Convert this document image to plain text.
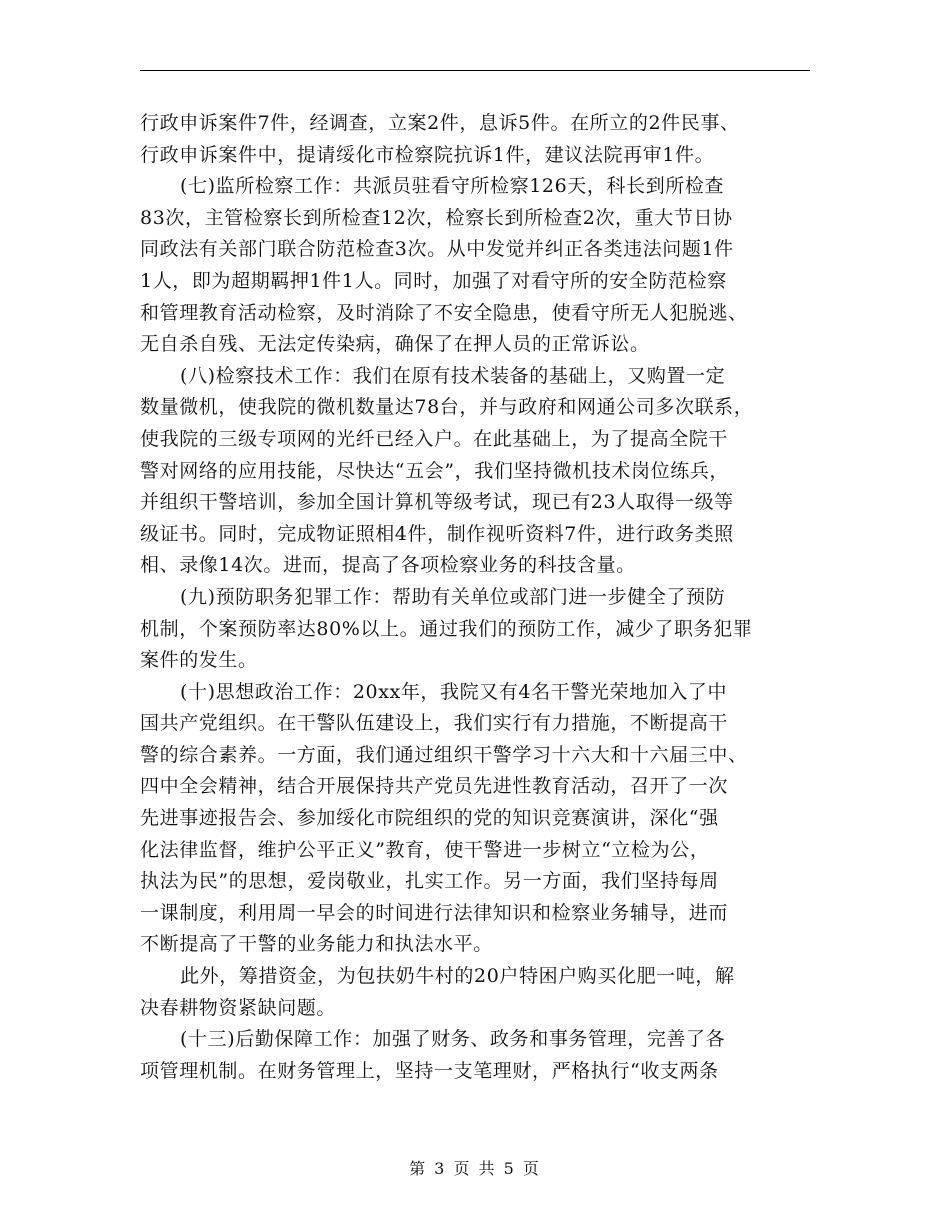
行政申诉案件7件，经调查，立案2件，息诉5件。在所立的2件民事、
行政申诉案件中，提请绥化市检察院抗诉1件，建议法院再审1件。
(七)监所检察工作：共派员驻看守所检察126天，科长到所检查
83次，主管检察长到所检查12次，检察长到所检查2次，重大节日协
同政法有关部门联合防范检查3次。从中发觉并纠正各类违法问题1件
1人，即为超期羁押1件1人。同时，加强了对看守所的安全防范检察
和管理教育活动检察，及时消除了不安全隐患，使看守所无人犯脱逃、
无自杀自残、无法定传染病，确保了在押人员的正常诉讼。
(八)检察技术工作：我们在原有技术装备的基础上，又购置一定
数量微机，使我院的微机数量达78台，并与政府和网通公司多次联系，
使我院的三级专项网的光纤已经入户。在此基础上，为了提高全院干
警对网络的应用技能，尽快达“五会”，我们坚持微机技术岗位练兵，
并组织干警培训，参加全国计算机等级考试，现已有23人取得一级等
级证书。同时，完成物证照相4件，制作视听资料7件，进行政务类照
相、录像14次。进而，提高了各项检察业务的科技含量。
(九)预防职务犯罪工作：帮助有关单位或部门进一步健全了预防
机制，个案预防率达80%以上。通过我们的预防工作，减少了职务犯罪
案件的发生。
(十)思想政治工作：20xx年，我院又有4名干警光荣地加入了中
国共产党组织。在干警队伍建设上，我们实行有力措施，不断提高干
警的综合素养。一方面，我们通过组织干警学习十六大和十六届三中、
四中全会精神，结合开展保持共产党员先进性教育活动，召开了一次
先进事迹报告会、参加绥化市院组织的党的知识竞赛演讲，深化“强
化法律监督，维护公平正义”教育，使干警进一步树立“立检为公，
执法为民”的思想，爱岗敬业，扎实工作。另一方面，我们坚持每周
一课制度，利用周一早会的时间进行法律知识和检察业务辅导，进而
不断提高了干警的业务能力和执法水平。
此外，筹措资金，为包扶奶牛村的20户特困户购买化肥一吨，解
决春耕物资紧缺问题。
(十三)后勤保障工作：加强了财务、政务和事务管理，完善了各
项管理机制。在财务管理上，坚持一支笔理财，严格执行“收支两条
第 3 页 共 5 页
